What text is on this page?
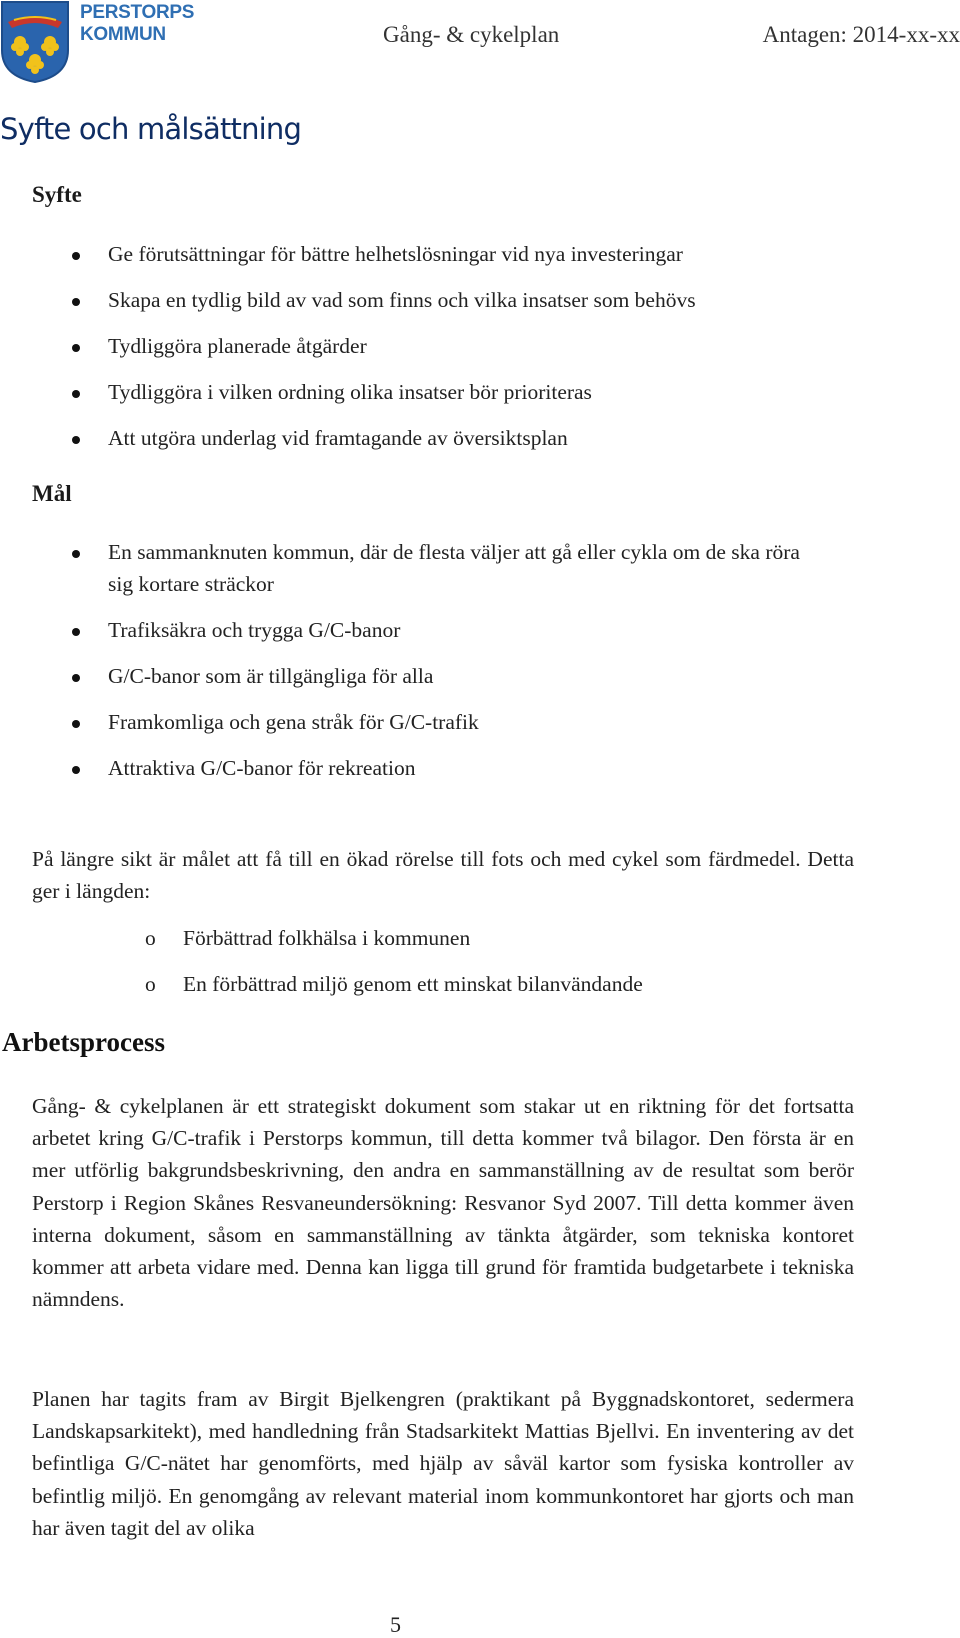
PERSTORPS
KOMMUN	Gång- & cykelplan	Antagen: 2014-xx-xx
Syfte och målsättning
Syfte
Ge förutsättningar för bättre helhetslösningar vid nya investeringar
Skapa en tydlig bild av vad som finns och vilka insatser som behövs
Tydliggöra planerade åtgärder
Tydliggöra i vilken ordning olika insatser bör prioriteras
Att utgöra underlag vid framtagande av översiktsplan
Mål
En sammanknuten kommun, där de flesta väljer att gå eller cykla om de ska röra sig kortare sträckor
Trafiksäkra och trygga G/C-banor
G/C-banor som är tillgängliga för alla
Framkomliga och gena stråk för G/C-trafik
Attraktiva G/C-banor för rekreation

På längre sikt är målet att få till en ökad rörelse till fots och med cykel som färdmedel. Detta ger i längden:

o Förbättrad folkhälsa i kommunen
o En förbättrad miljö genom ett minskat bilanvändande
Arbetsprocess

Gång- & cykelplanen är ett strategiskt dokument som stakar ut en riktning för det fortsatta arbetet kring G/C-trafik i Perstorps kommun, till detta kommer två bilagor. Den första är en mer utförlig bakgrundsbeskrivning, den andra en sammanställning av de resultat som berör Perstorp i Region Skånes Resvaneundersökning: Resvanor Syd 2007. Till detta kommer även interna dokument, såsom en sammanställning av tänkta åtgärder, som tekniska kontoret kommer att arbeta vidare med. Denna kan ligga till grund för framtida budgetarbete i tekniska nämndens.

Planen har tagits fram av Birgit Bjelkengren (praktikant på Byggnadskontoret, sedermera Landskapsarkitekt), med handledning från Stadsarkitekt Mattias Bjellvi. En inventering av det befintliga G/C-nätet har genomförts, med hjälp av såväl kartor som fysiska kontroller av befintlig miljö. En genomgång av relevant material inom kommunkontoret har gjorts och man har även tagit del av olika

5
